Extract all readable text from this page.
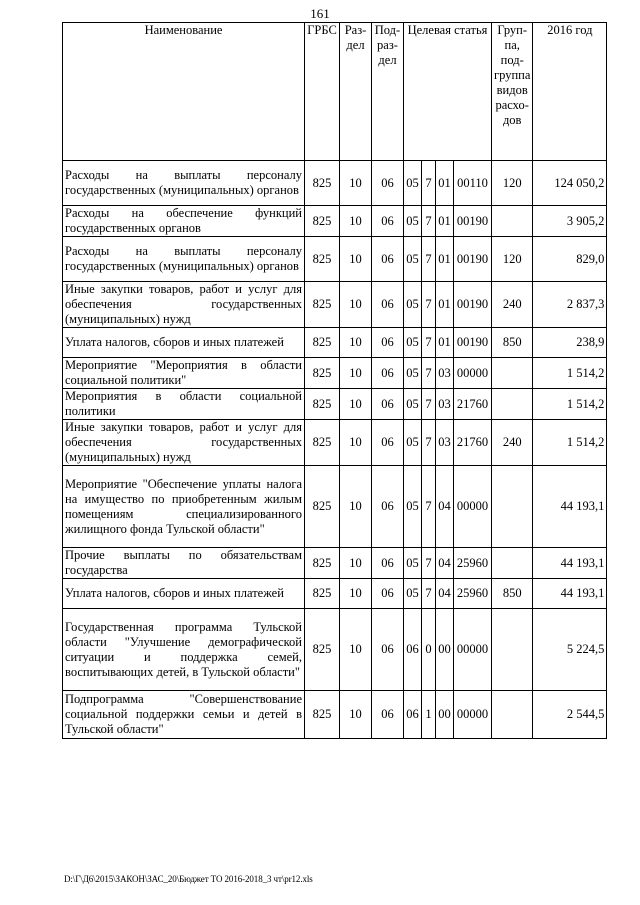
161
Наименование	ГРБС	Раз-дел	Под-раз-дел	Целевая статья				Груп-па, под-группа видов расхо-дов	2016 год
Расходы на выплаты персоналу государственных (муниципальных) органов	825	10	06	05	7	01	00110	120	124 050,2
Расходы на обеспечение функций государственных органов	825	10	06	05	7	01	00190		3 905,2
Расходы на выплаты персоналу государственных (муниципальных) органов	825	10	06	05	7	01	00190	120	829,0
Иные закупки товаров, работ и услуг для обеспечения государственных (муниципальных) нужд	825	10	06	05	7	01	00190	240	2 837,3
Уплата налогов, сборов и иных платежей	825	10	06	05	7	01	00190	850	238,9
Мероприятие "Мероприятия в области социальной политики"	825	10	06	05	7	03	00000		1 514,2
Мероприятия в области социальной политики	825	10	06	05	7	03	21760		1 514,2
Иные закупки товаров, работ и услуг для обеспечения государственных (муниципальных) нужд	825	10	06	05	7	03	21760	240	1 514,2
Мероприятие "Обеспечение уплаты налога на имущество по приобретенным жилым помещениям специализированного жилищного фонда Тульской области"	825	10	06	05	7	04	00000		44 193,1
Прочие выплаты по обязательствам государства	825	10	06	05	7	04	25960		44 193,1
Уплата налогов, сборов и иных платежей	825	10	06	05	7	04	25960	850	44 193,1
Государственная программа Тульской области "Улучшение демографической ситуации и поддержка семей, воспитывающих детей, в Тульской области"	825	10	06	06	0	00	00000		5 224,5
Подпрограмма "Совершенствование социальной поддержки семьи и детей в Тульской области"	825	10	06	06	1	00	00000		2 544,5
D:\Г\Д6\2015\ЗАКОН\ЗАС_20\Бюджет ТО 2016-2018_3 чт\pr12.xls
